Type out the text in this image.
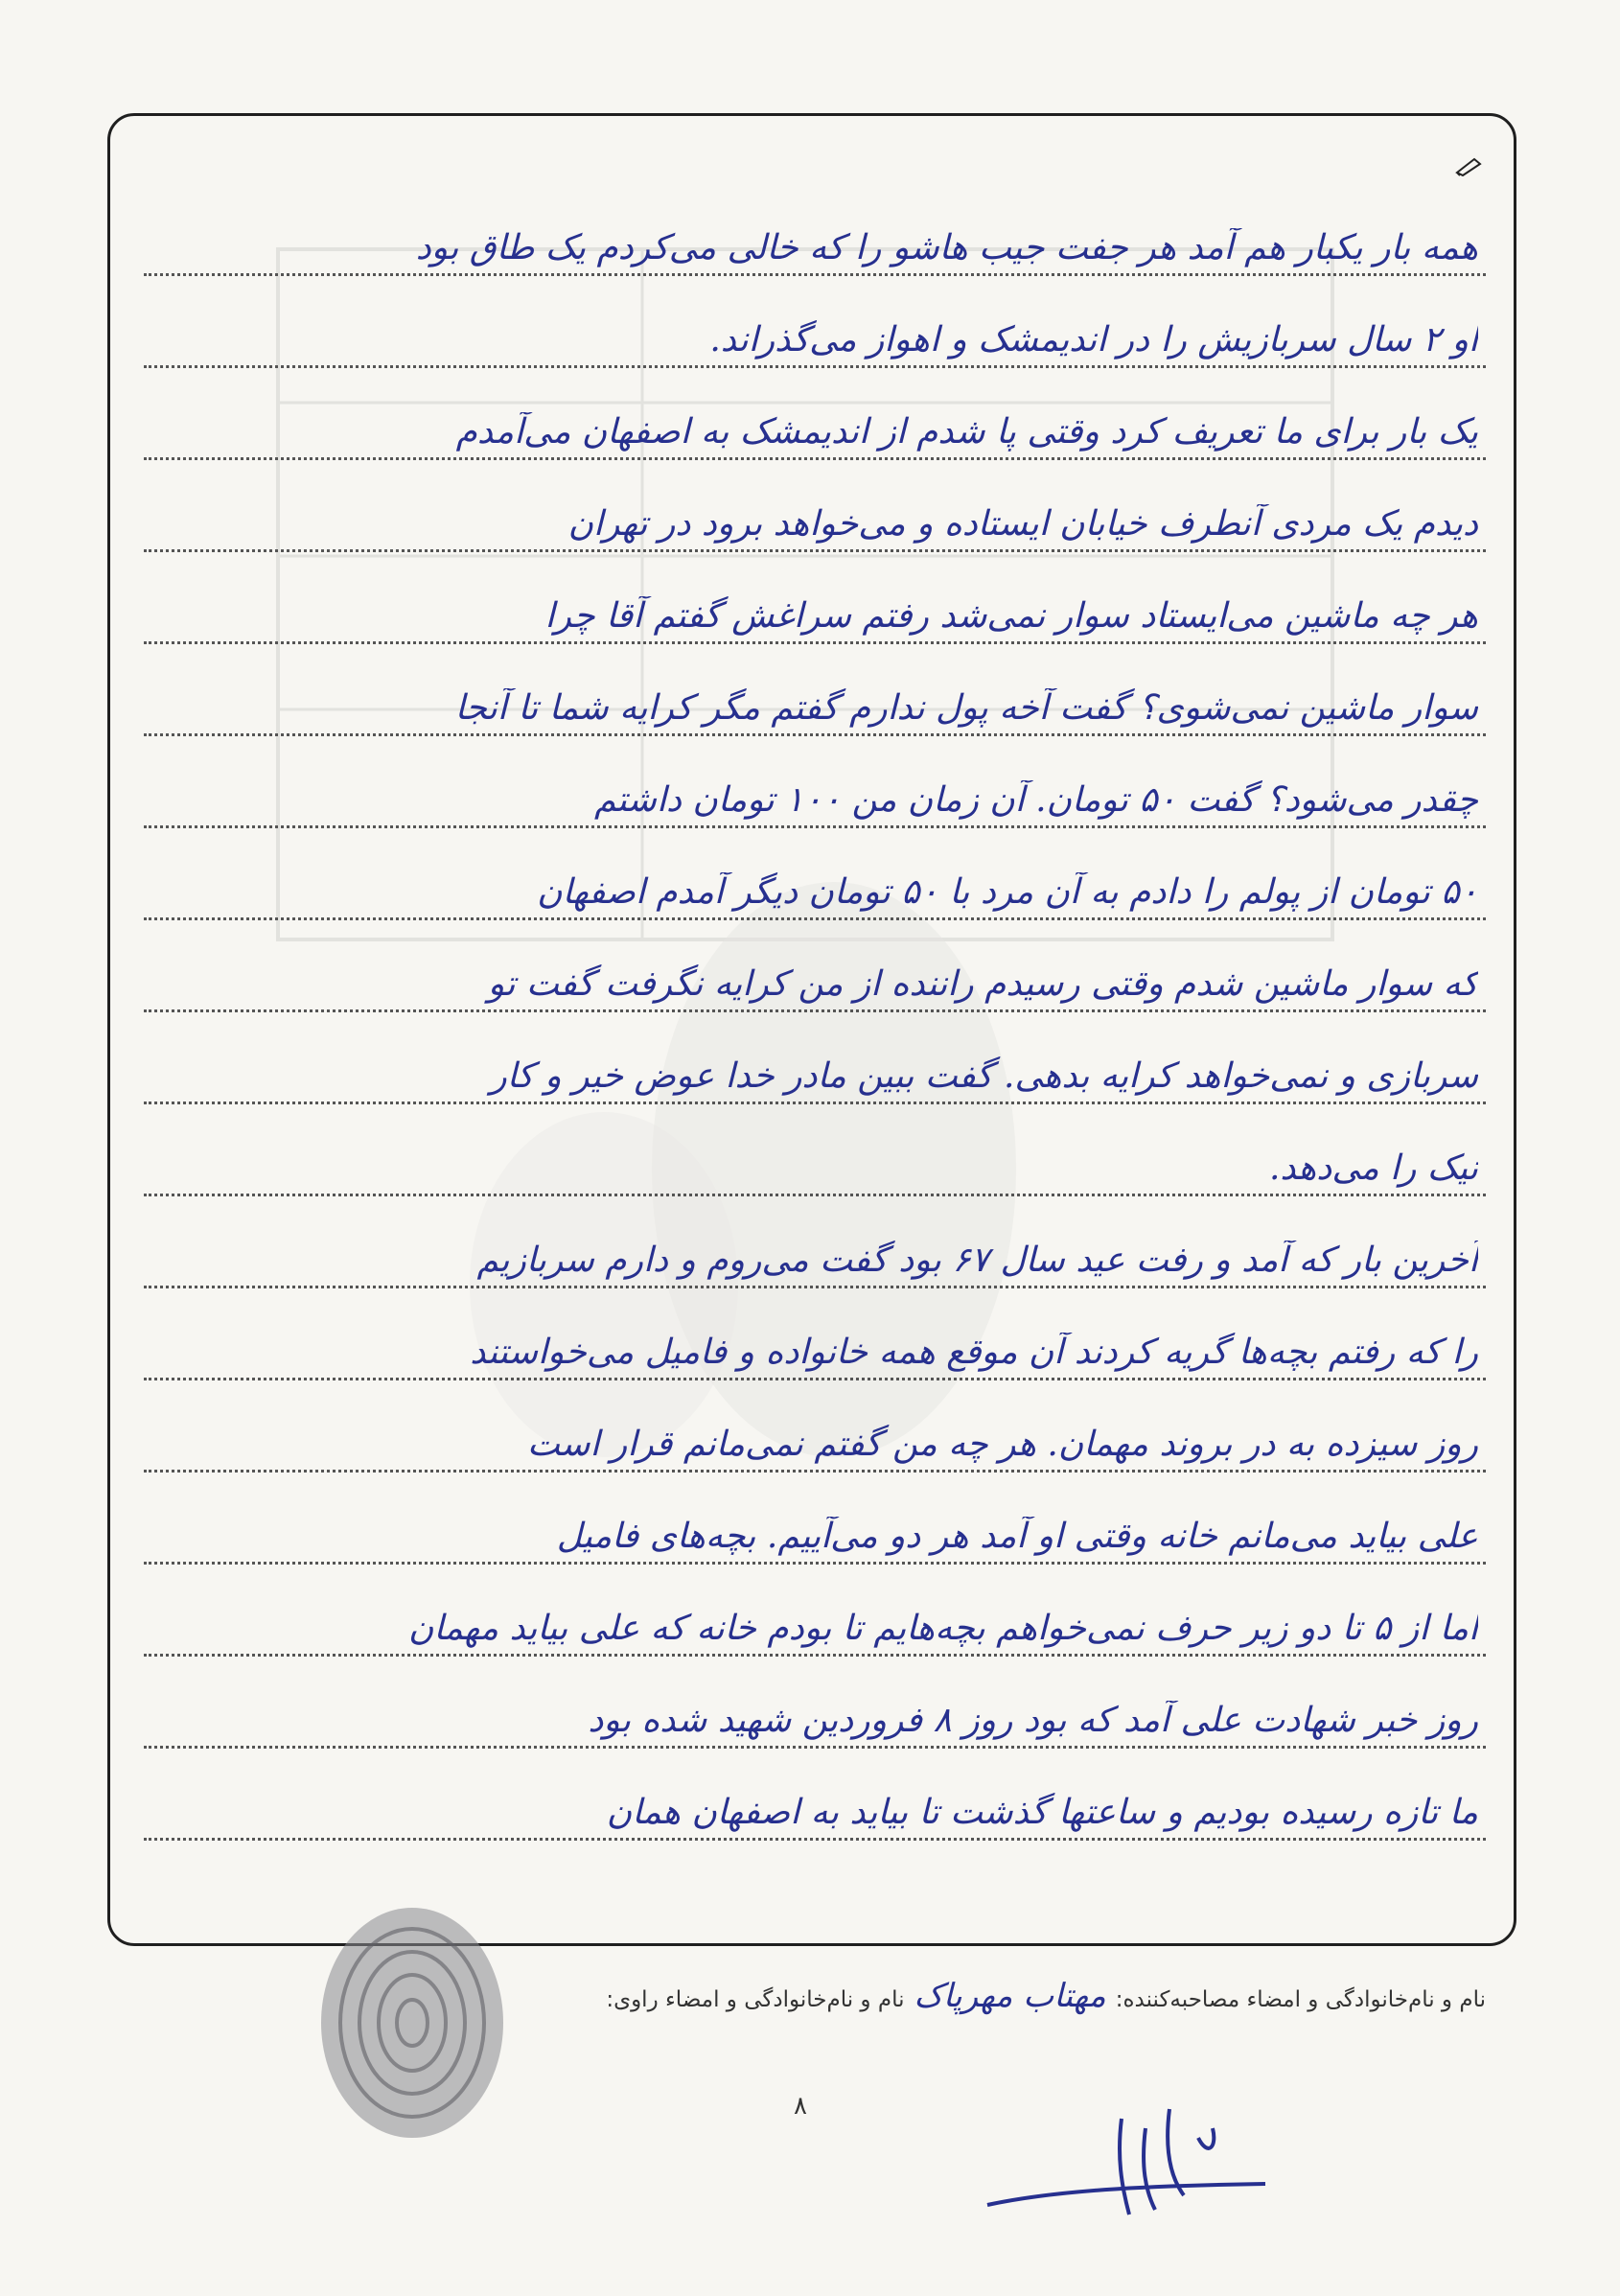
همه بار یکبار هم آمد هر جفت جیب هاشو را که خالی می‌کردم یک طاق بود
او ۲ سال سربازیش را در اندیمشک و اهواز می‌گذراند.
یک بار برای ما تعریف کرد وقتی پا شدم از اندیمشک به اصفهان می‌آمدم
دیدم یک مردی آنطرف خیابان ایستاده و می‌خواهد برود در تهران
هر چه ماشین می‌ایستاد سوار نمی‌شد رفتم سراغش گفتم آقا چرا
سوار ماشین نمی‌شوی؟ گفت آخه پول ندارم گفتم مگر کرایه شما تا آنجا
چقدر می‌شود؟ گفت ۵۰ تومان. آن زمان من ۱۰۰ تومان داشتم
۵۰ تومان از پولم را دادم به آن مرد با ۵۰ تومان دیگر آمدم اصفهان
که سوار ماشین شدم وقتی رسیدم راننده از من کرایه نگرفت گفت تو
سربازی و نمی‌خواهد کرایه بدهی. گفت ببین مادر خدا عوض خیر و کار
نیک را می‌دهد.
آخرین بار که آمد و رفت عید سال ۶۷ بود گفت می‌روم و دارم سربازیم
را که رفتم بچه‌ها گریه کردند آن موقع همه خانواده و فامیل می‌خواستند
روز سیزده به در بروند مهمان. هر چه من گفتم نمی‌مانم قرار است
علی بیاید می‌مانم خانه وقتی او آمد هر دو می‌آییم. بچه‌های فامیل
اما از ۵ تا دو زیر حرف نمی‌خواهم بچه‌هایم تا بودم خانه که علی بیاید مهمان
روز خبر شهادت علی آمد که بود روز ۸ فروردین شهید شده بود
ما تازه رسیده بودیم و ساعتها گذشت تا بیاید به اصفهان همان
نام و نام‌خانوادگی و امضاء مصاحبه‌کننده:
مهتاب مهرپاک
نام و نام‌خانوادگی و امضاء راوی:
۸
